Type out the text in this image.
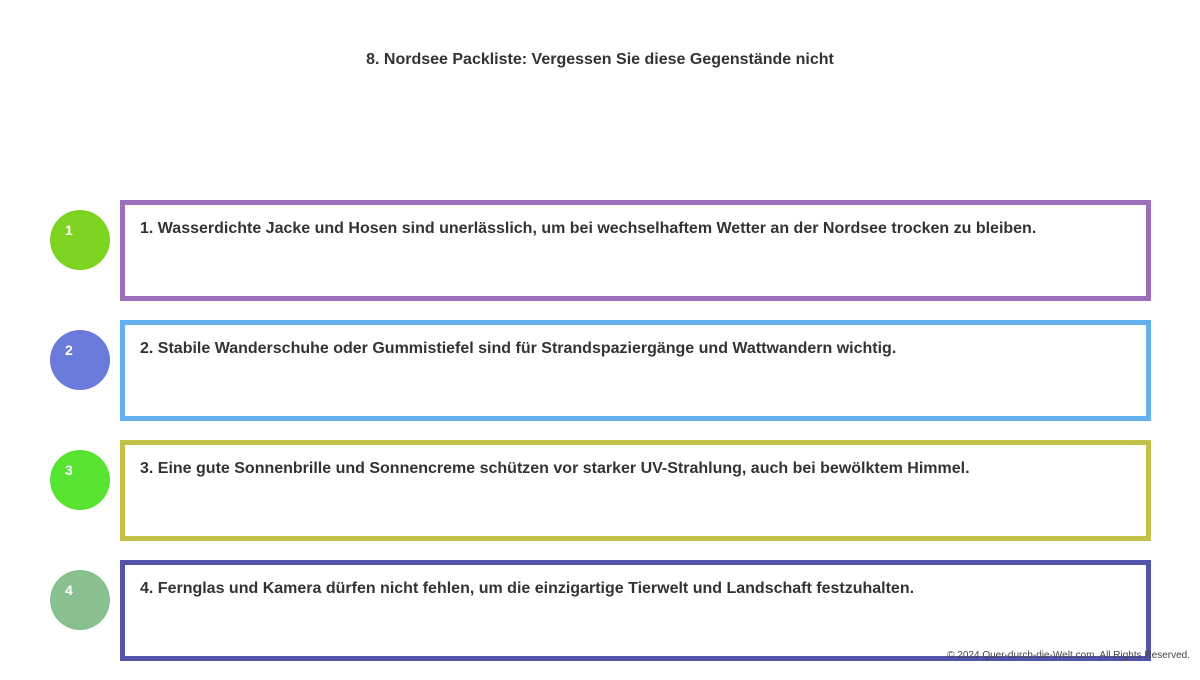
8. Nordsee Packliste: Vergessen Sie diese Gegenstände nicht
1	1. Wasserdichte Jacke und Hosen sind unerlässlich, um bei wechselhaftem Wetter an der Nordsee trocken zu bleiben.
2	2. Stabile Wanderschuhe oder Gummistiefel sind für Strandspaziergänge und Wattwandern wichtig.
3	3. Eine gute Sonnenbrille und Sonnencreme schützen vor starker UV-Strahlung, auch bei bewölktem Himmel.
4	4. Fernglas und Kamera dürfen nicht fehlen, um die einzigartige Tierwelt und Landschaft festzuhalten.
© 2024 Quer-durch-die-Welt.com. All Rights Reserved.
